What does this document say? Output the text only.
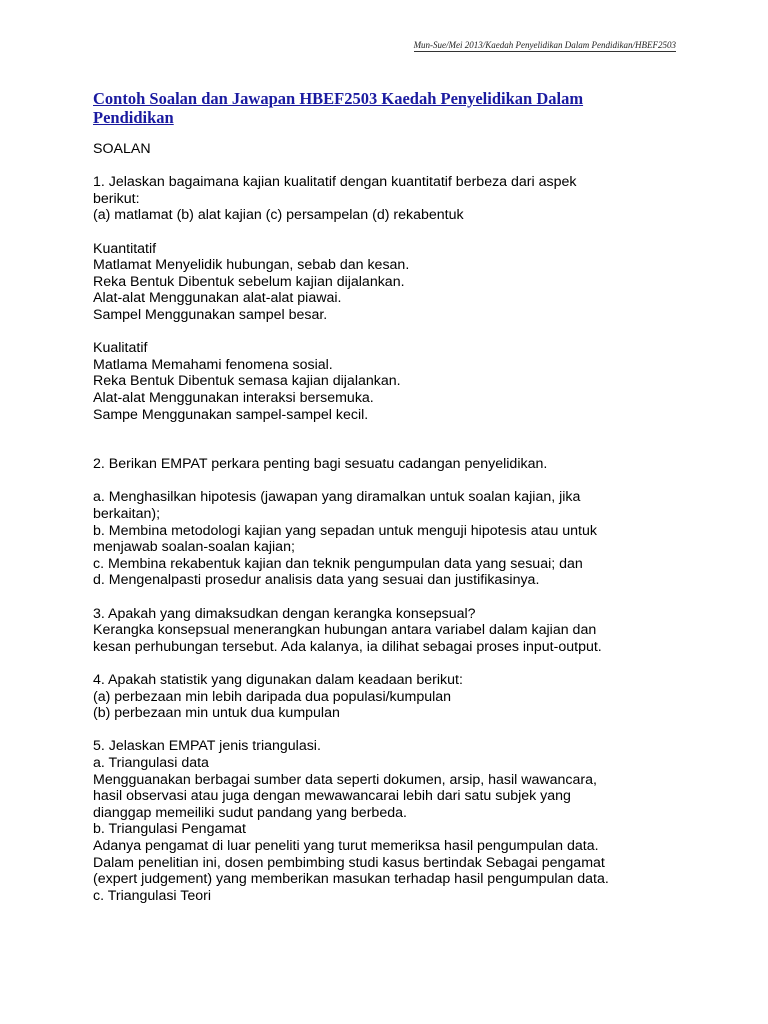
Mun-Sue/Mei 2013/Kaedah Penyelidikan Dalam Pendidikan/HBEF2503
Contoh Soalan dan Jawapan HBEF2503 Kaedah Penyelidikan Dalam
Pendidikan

SOALAN

1. Jelaskan bagaimana kajian kualitatif dengan kuantitatif berbeza dari aspek

berikut:

(a) matlamat (b) alat kajian (c) persampelan (d) rekabentuk

Kuantitatif

Matlamat Menyelidik hubungan, sebab dan kesan.

Reka Bentuk Dibentuk sebelum kajian dijalankan.

Alat-alat Menggunakan alat-alat piawai.

Sampel Menggunakan sampel besar.

Kualitatif

Matlama Memahami fenomena sosial.

Reka Bentuk Dibentuk semasa kajian dijalankan.

Alat-alat Menggunakan interaksi bersemuka.

Sampe Menggunakan sampel-sampel kecil.

2. Berikan EMPAT perkara penting bagi sesuatu cadangan penyelidikan.

a. Menghasilkan hipotesis (jawapan yang diramalkan untuk soalan kajian, jika

berkaitan);

b. Membina metodologi kajian yang sepadan untuk menguji hipotesis atau untuk

menjawab soalan-soalan kajian;

c. Membina rekabentuk kajian dan teknik pengumpulan data yang sesuai; dan

d. Mengenalpasti prosedur analisis data yang sesuai dan justifikasinya.

3. Apakah yang dimaksudkan dengan kerangka konsepsual?

Kerangka konsepsual menerangkan hubungan antara variabel dalam kajian dan

kesan perhubungan tersebut. Ada kalanya, ia dilihat sebagai proses input-output.

4. Apakah statistik yang digunakan dalam keadaan berikut:

(a) perbezaan min lebih daripada dua populasi/kumpulan

(b) perbezaan min untuk dua kumpulan

5. Jelaskan EMPAT jenis triangulasi.

a. Triangulasi data

Mengguanakan berbagai sumber data seperti dokumen, arsip, hasil wawancara,

hasil observasi atau juga dengan mewawancarai lebih dari satu subjek yang

dianggap memeiliki sudut pandang yang berbeda.

b. Triangulasi Pengamat

Adanya pengamat di luar peneliti yang turut memeriksa hasil pengumpulan data.

Dalam penelitian ini, dosen pembimbing studi kasus bertindak Sebagai pengamat

(expert judgement) yang memberikan masukan terhadap hasil pengumpulan data.

c. Triangulasi Teori
